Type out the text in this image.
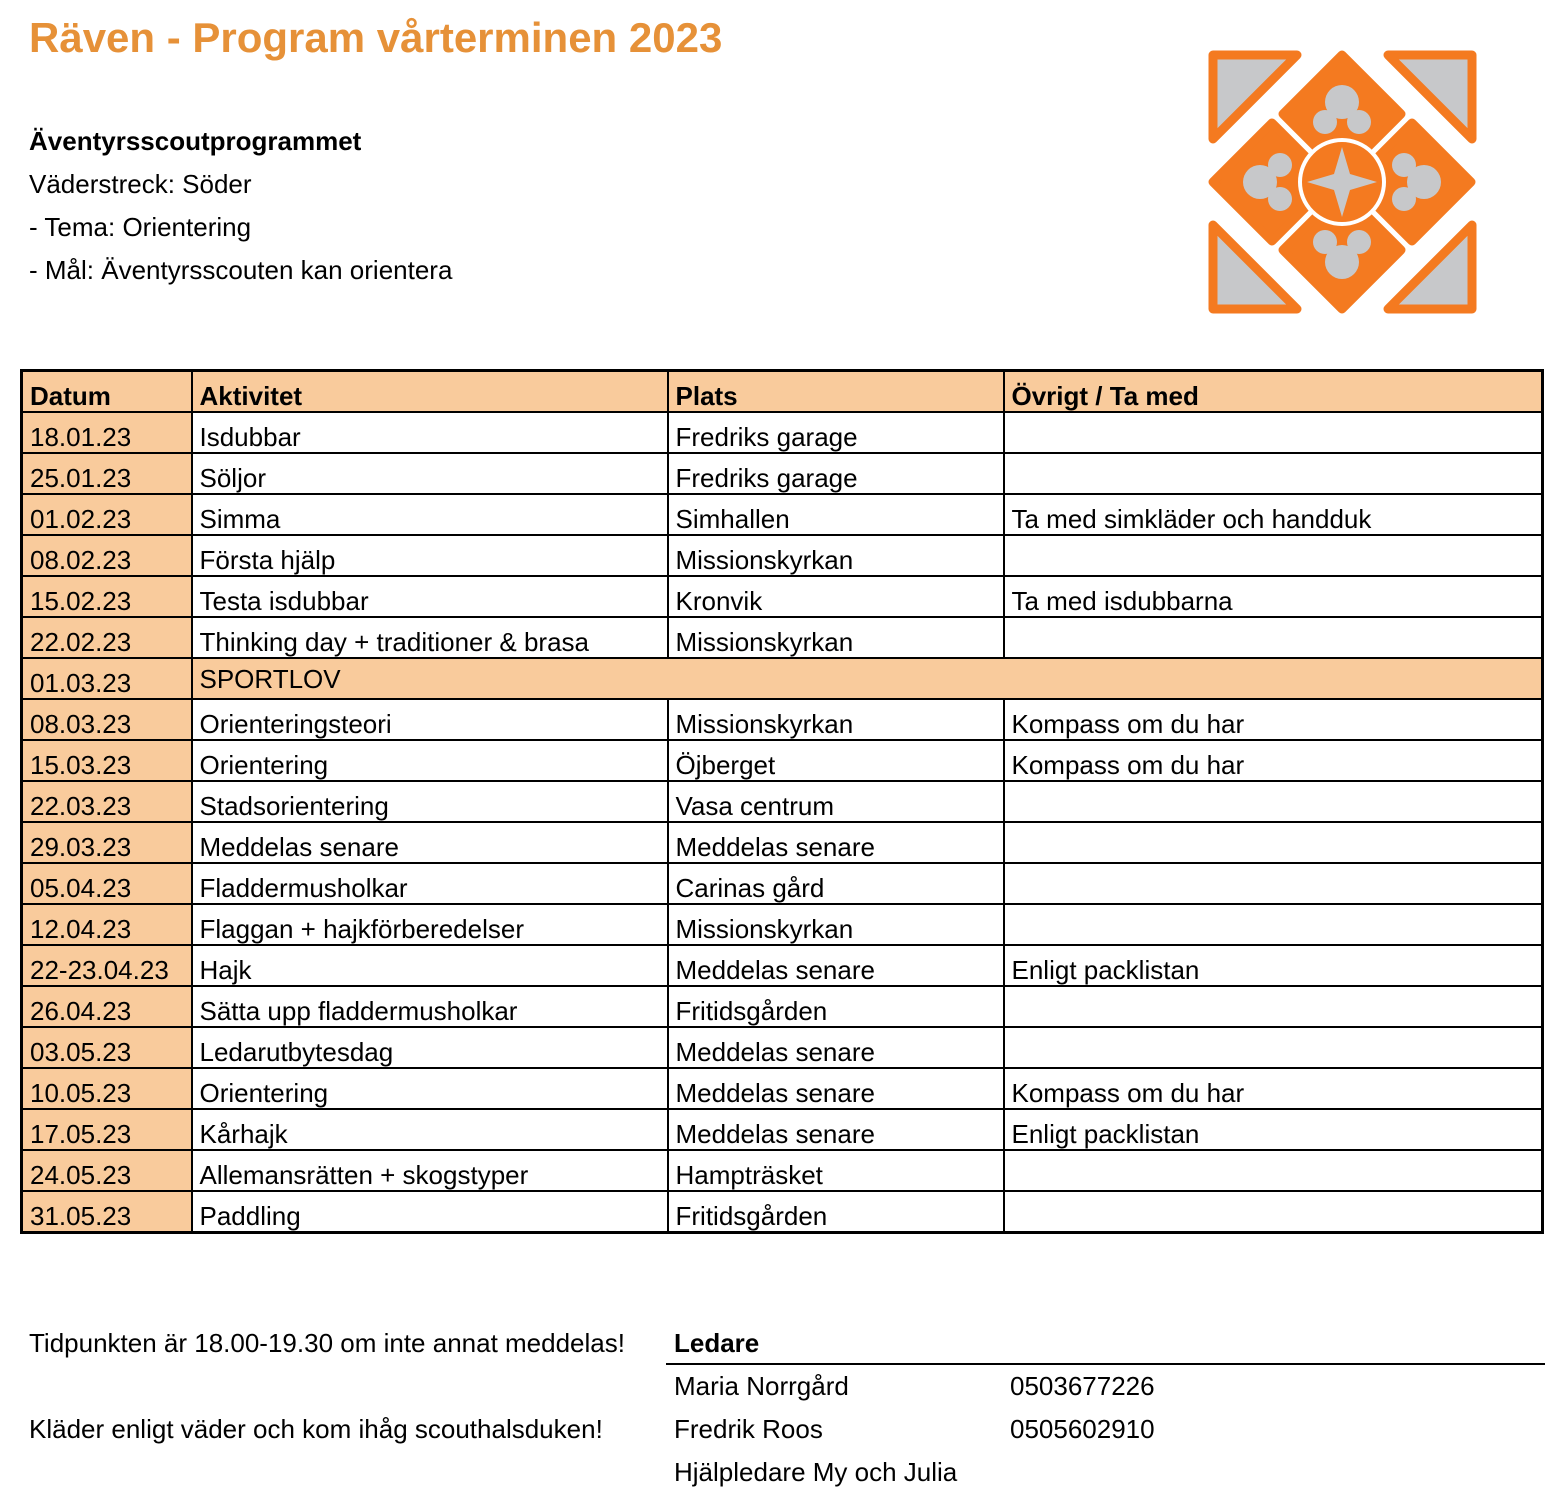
Räven - Program vårterminen 2023
Äventyrsscoutprogrammet
Väderstreck: Söder
- Tema: Orientering
- Mål: Äventyrsscouten kan orientera
Datum	Aktivitet	Plats	Övrigt / Ta med
18.01.23	Isdubbar	Fredriks garage	
25.01.23	Söljor	Fredriks garage	
01.02.23	Simma	Simhallen	Ta med simkläder och handduk
08.02.23	Första hjälp	Missionskyrkan	
15.02.23	Testa isdubbar	Kronvik	Ta med isdubbarna
22.02.23	Thinking day + traditioner & brasa	Missionskyrkan	
01.03.23	SPORTLOV		
08.03.23	Orienteringsteori	Missionskyrkan	Kompass om du har
15.03.23	Orientering	Öjberget	Kompass om du har
22.03.23	Stadsorientering	Vasa centrum	
29.03.23	Meddelas senare	Meddelas senare	
05.04.23	Fladdermusholkar	Carinas gård	
12.04.23	Flaggan + hajkförberedelser	Missionskyrkan	
22-23.04.23	Hajk	Meddelas senare	Enligt packlistan
26.04.23	Sätta upp fladdermusholkar	Fritidsgården	
03.05.23	Ledarutbytesdag	Meddelas senare	
10.05.23	Orientering	Meddelas senare	Kompass om du har
17.05.23	Kårhajk	Meddelas senare	Enligt packlistan
24.05.23	Allemansrätten + skogstyper	Hampträsket	
31.05.23	Paddling	Fritidsgården	
Tidpunkten är 18.00-19.30 om inte annat meddelas!
Kläder enligt väder och kom ihåg scouthalsduken!
Ledare
Maria Norrgård	0503677226
Fredrik Roos	0505602910
Hjälpledare My och Julia
